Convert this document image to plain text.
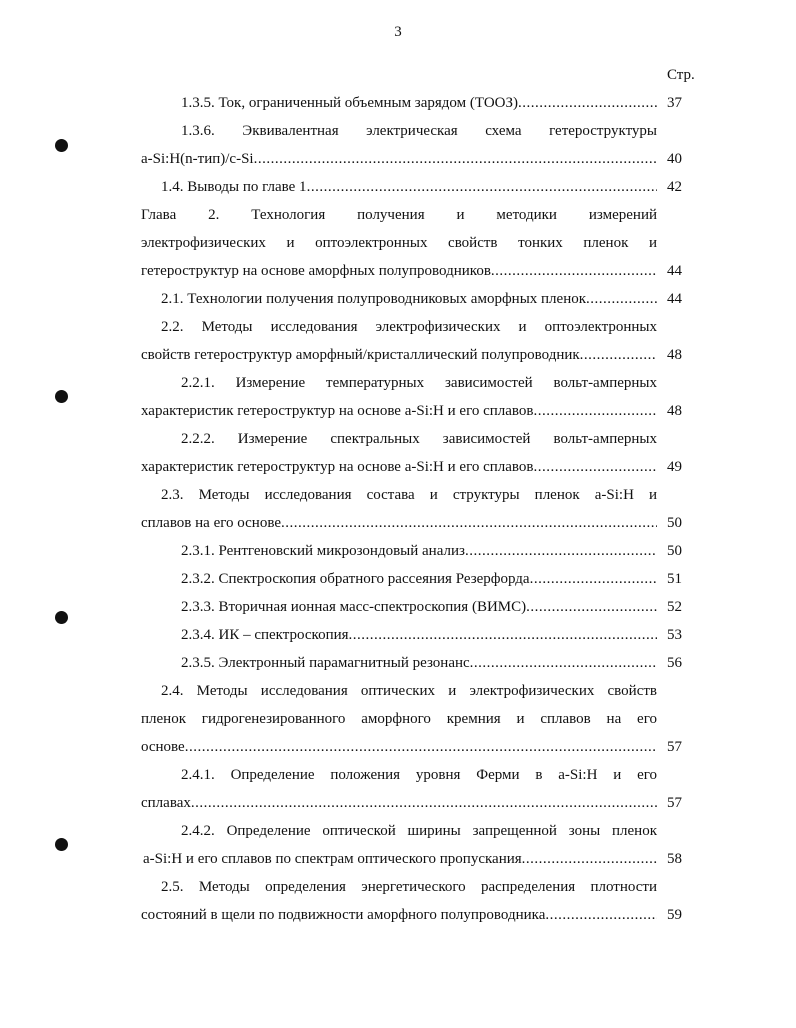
3
Стр.
1.3.5. Ток, ограниченный объемным зарядом (ТООЗ) .....	37
1.3.6. Эквивалентная электрическая схема гетероструктуры
a-Si:H(n-тип)/c-Si .....	40
1.4. Выводы по главе 1 .....	42
Глава 2. Технология получения и методики измерений
электрофизических и оптоэлектронных свойств тонких пленок и
гетероструктур на основе аморфных полупроводников .....	44
2.1. Технологии получения полупроводниковых аморфных пленок .....	44
2.2. Методы исследования электрофизических и оптоэлектронных
свойств гетероструктур аморфный/кристаллический полупроводник .....	48
2.2.1. Измерение температурных зависимостей вольт-амперных
характеристик гетероструктур на основе a-Si:H и его сплавов .....	48
2.2.2. Измерение спектральных зависимостей вольт-амперных
характеристик гетероструктур на основе a-Si:H и его сплавов .....	49
2.3. Методы исследования состава и структуры пленок a-Si:H и
сплавов на его основе .....	50
2.3.1. Рентгеновский микрозондовый анализ .....	50
2.3.2. Спектроскопия обратного рассеяния Резерфорда .....	51
2.3.3. Вторичная ионная масс-спектроскопия (ВИМС) .....	52
2.3.4. ИК – спектроскопия .....	53
2.3.5. Электронный парамагнитный резонанс .....	56
2.4. Методы исследования оптических и электрофизических свойств
пленок гидрогенезированного аморфного кремния и сплавов на его
основе .....	57
2.4.1. Определение положения уровня Ферми в a-Si:H и его
сплавах .....	57
2.4.2. Определение оптической ширины запрещенной зоны пленок
a-Si:H и его сплавов по спектрам оптического пропускания .....	58
2.5. Методы определения энергетического распределения плотности
состояний в щели по подвижности аморфного полупроводника .....	59
